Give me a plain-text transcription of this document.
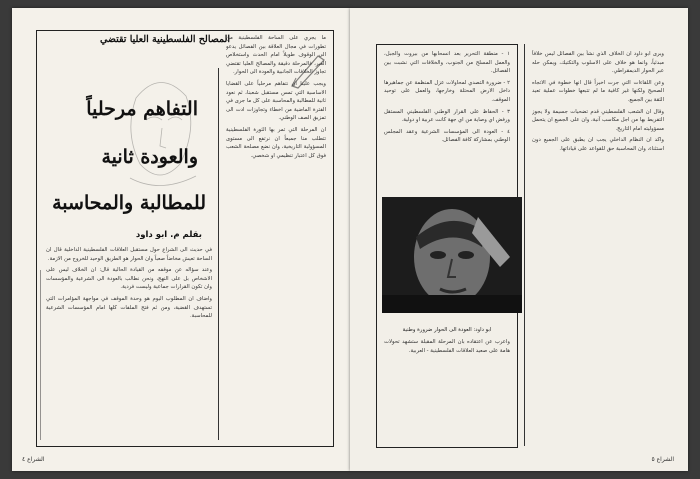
المصالح الفلسطينية العليا تقتضي
التفاهم مرحلياً
والعودة ثانية
للمطالبة والمحاسبة
بقلم م. ابو داود

ما يجري على الساحة الفلسطينية من تطورات في مجال العلاقة بين الفصائل يدعو الى الوقوف طويلاً امام الحدث واستخلاص العبر، فالمرحلة دقيقة والمصالح العليا تقتضي تجاوز الخلافات الجانبية والعودة الى الحوار.

ويجب علينا ان نتفاهم مرحلياً على القضايا الاساسية التي تمس مستقبل شعبنا، ثم نعود ثانية للمطالبة والمحاسبة على كل ما جرى في الفترة الماضية من اخطاء وتجاوزات ادت الى تمزيق الصف الوطني.

ان المرحلة التي تمر بها الثورة الفلسطينية تتطلب منا جميعاً ان نرتفع الى مستوى المسؤولية التاريخية، وان نضع مصلحة الشعب فوق كل اعتبار تنظيمي او شخصي.

في حديث الى الشراع حول مستقبل العلاقات الفلسطينية الداخلية قال ان الساحة تعيش مخاضاً صعباً وان الحوار هو الطريق الوحيد للخروج من الازمة.

وعند سؤاله عن موقفه من القيادة الحالية قال: ان الخلاف ليس على الاشخاص بل على النهج، ونحن نطالب بالعودة الى الشرعية والمؤسسات وان تكون القرارات جماعية وليست فردية.

واضاف ان المطلوب اليوم هو وحدة الموقف في مواجهة المؤامرات التي تستهدف القضية، ومن ثم فتح الملفات كلها امام المؤسسات الشرعية للمحاسبة.

الشراع ٤

١ - منطقة التحرير بعد انسحابها من بيروت والجبل، والعمل المسلح من الجنوب، والخلافات التي نشبت بين الفصائل.

٢ - ضرورة التصدي لمحاولات عزل المنظمة عن جماهيرها داخل الارض المحتلة وخارجها، والعمل على توحيد الموقف.

٣ - الحفاظ على القرار الوطني الفلسطيني المستقل ورفض اي وصاية من اي جهة كانت عربية او دولية.

٤ - العودة الى المؤسسات الشرعية وعقد المجلس الوطني بمشاركة كافة الفصائل.

ابو داود: العودة الى الحوار ضرورة وطنية

واعرب عن اعتقاده بان المرحلة المقبلة ستشهد تحولات هامة على صعيد العلاقات الفلسطينية - العربية.

ويرى ابو داود ان الخلاف الذي نشأ بين الفصائل ليس خلافاً مبدئياً، وانما هو خلاف على الاسلوب والتكتيك، ويمكن حله عبر الحوار الديمقراطي.

وعن اللقاءات التي جرت اخيراً قال انها خطوة في الاتجاه الصحيح ولكنها غير كافية ما لم تتبعها خطوات عملية تعيد الثقة بين الجميع.

وقال ان الشعب الفلسطيني قدم تضحيات جسيمة ولا يجوز التفريط بها من اجل مكاسب آنية، وان على الجميع ان يتحمل مسؤوليته امام التاريخ.

واكد ان النظام الداخلي يجب ان يطبق على الجميع دون استثناء، وان المحاسبة حق للقواعد على قياداتها.

الشراع ٥
